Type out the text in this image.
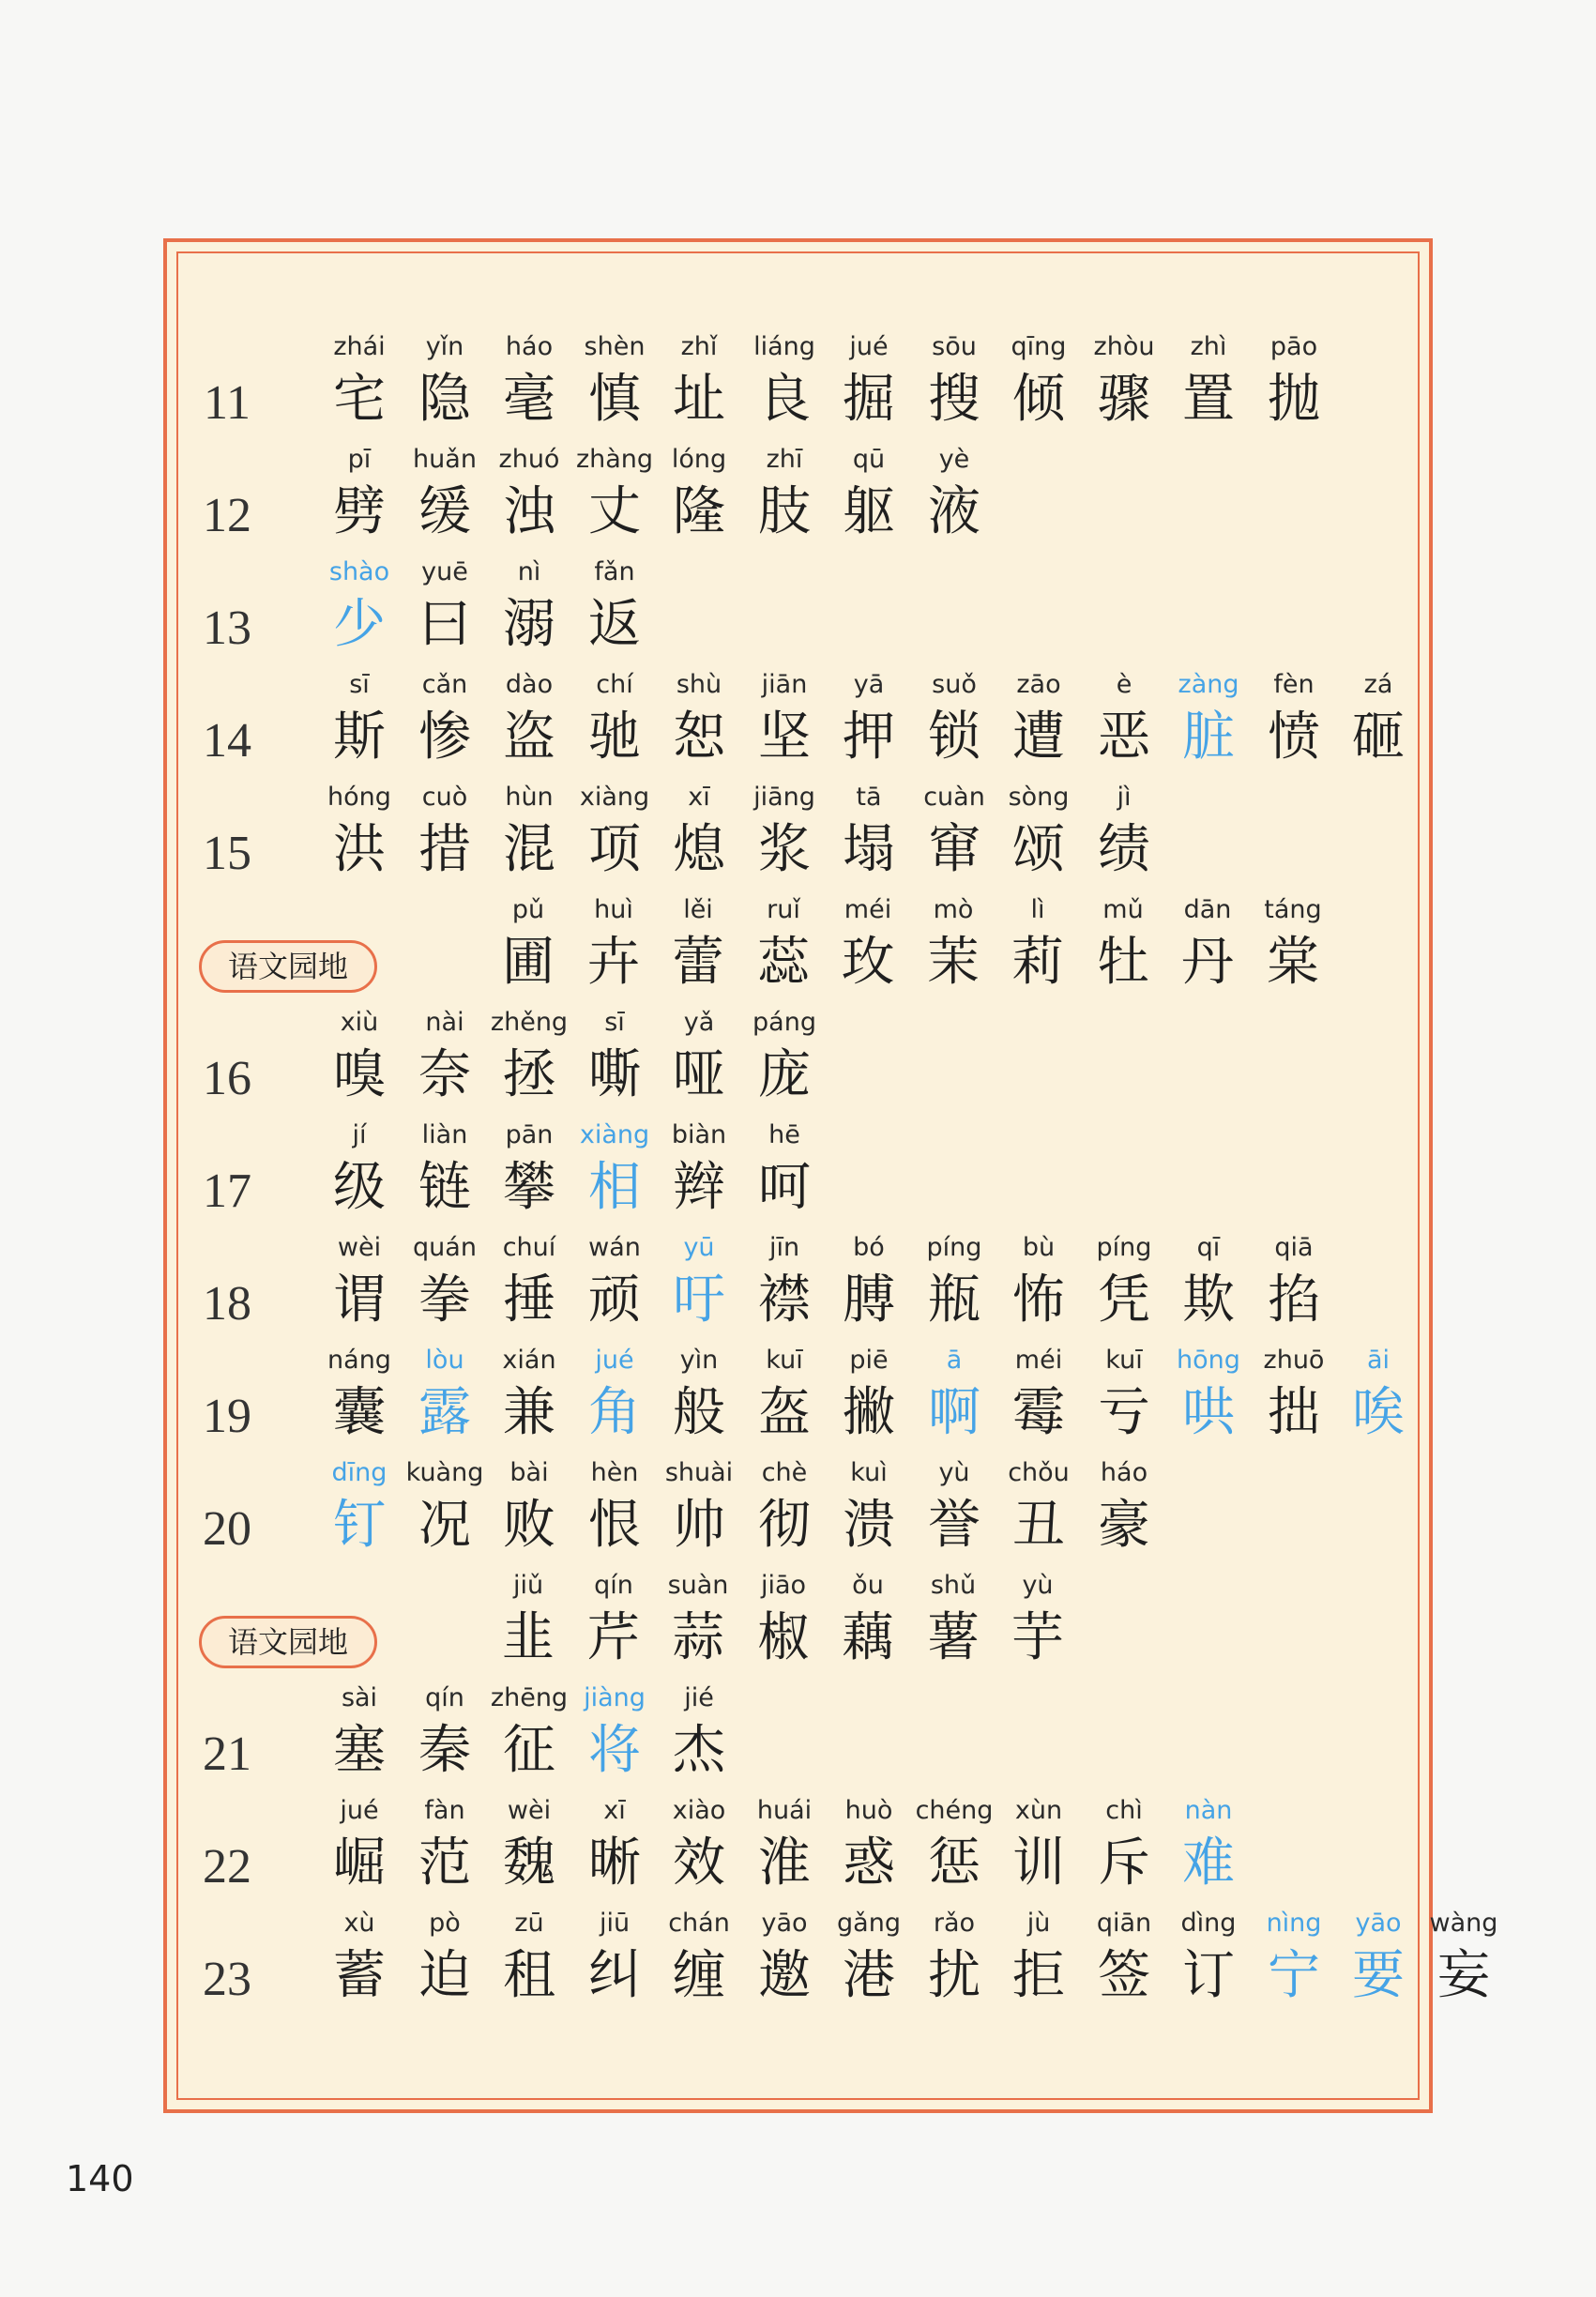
11
zhái
宅
yǐn
隐
háo
毫
shèn
慎
zhǐ
址
liáng
良
jué
掘
sōu
搜
qīng
倾
zhòu
骤
zhì
置
pāo
抛
12
pī
劈
huǎn
缓
zhuó
浊
zhàng
丈
lóng
隆
zhī
肢
qū
躯
yè
液
13
shào
少
yuē
曰
nì
溺
fǎn
返
14
sī
斯
cǎn
惨
dào
盗
chí
驰
shù
恕
jiān
坚
yā
押
suǒ
锁
zāo
遭
è
恶
zàng
脏
fèn
愤
zá
砸
15
hóng
洪
cuò
措
hùn
混
xiàng
项
xī
熄
jiāng
浆
tā
塌
cuàn
窜
sòng
颂
jì
绩
语文园地
pǔ
圃
huì
卉
lěi
蕾
ruǐ
蕊
méi
玫
mò
茉
lì
莉
mǔ
牡
dān
丹
táng
棠
16
xiù
嗅
nài
奈
zhěng
拯
sī
嘶
yǎ
哑
páng
庞
17
jí
级
liàn
链
pān
攀
xiàng
相
biàn
辫
hē
呵
18
wèi
谓
quán
拳
chuí
捶
wán
顽
yū
吁
jīn
襟
bó
膊
píng
瓶
bù
怖
píng
凭
qī
欺
qiā
掐
19
náng
囊
lòu
露
xián
兼
jué
角
yìn
般
kuī
盔
piē
撇
ā
啊
méi
霉
kuī
亏
hōng
哄
zhuō
拙
āi
唉
20
dīng
钉
kuàng
况
bài
败
hèn
恨
shuài
帅
chè
彻
kuì
溃
yù
誉
chǒu
丑
háo
豪
语文园地
jiǔ
韭
qín
芹
suàn
蒜
jiāo
椒
ǒu
藕
shǔ
薯
yù
芋
21
sài
塞
qín
秦
zhēng
征
jiàng
将
jié
杰
22
jué
崛
fàn
范
wèi
魏
xī
晰
xiào
效
huái
淮
huò
惑
chéng
惩
xùn
训
chì
斥
nàn
难
23
xù
蓄
pò
迫
zū
租
jiū
纠
chán
缠
yāo
邀
gǎng
港
rǎo
扰
jù
拒
qiān
签
dìng
订
nìng
宁
yāo
要
wàng
妄
140
